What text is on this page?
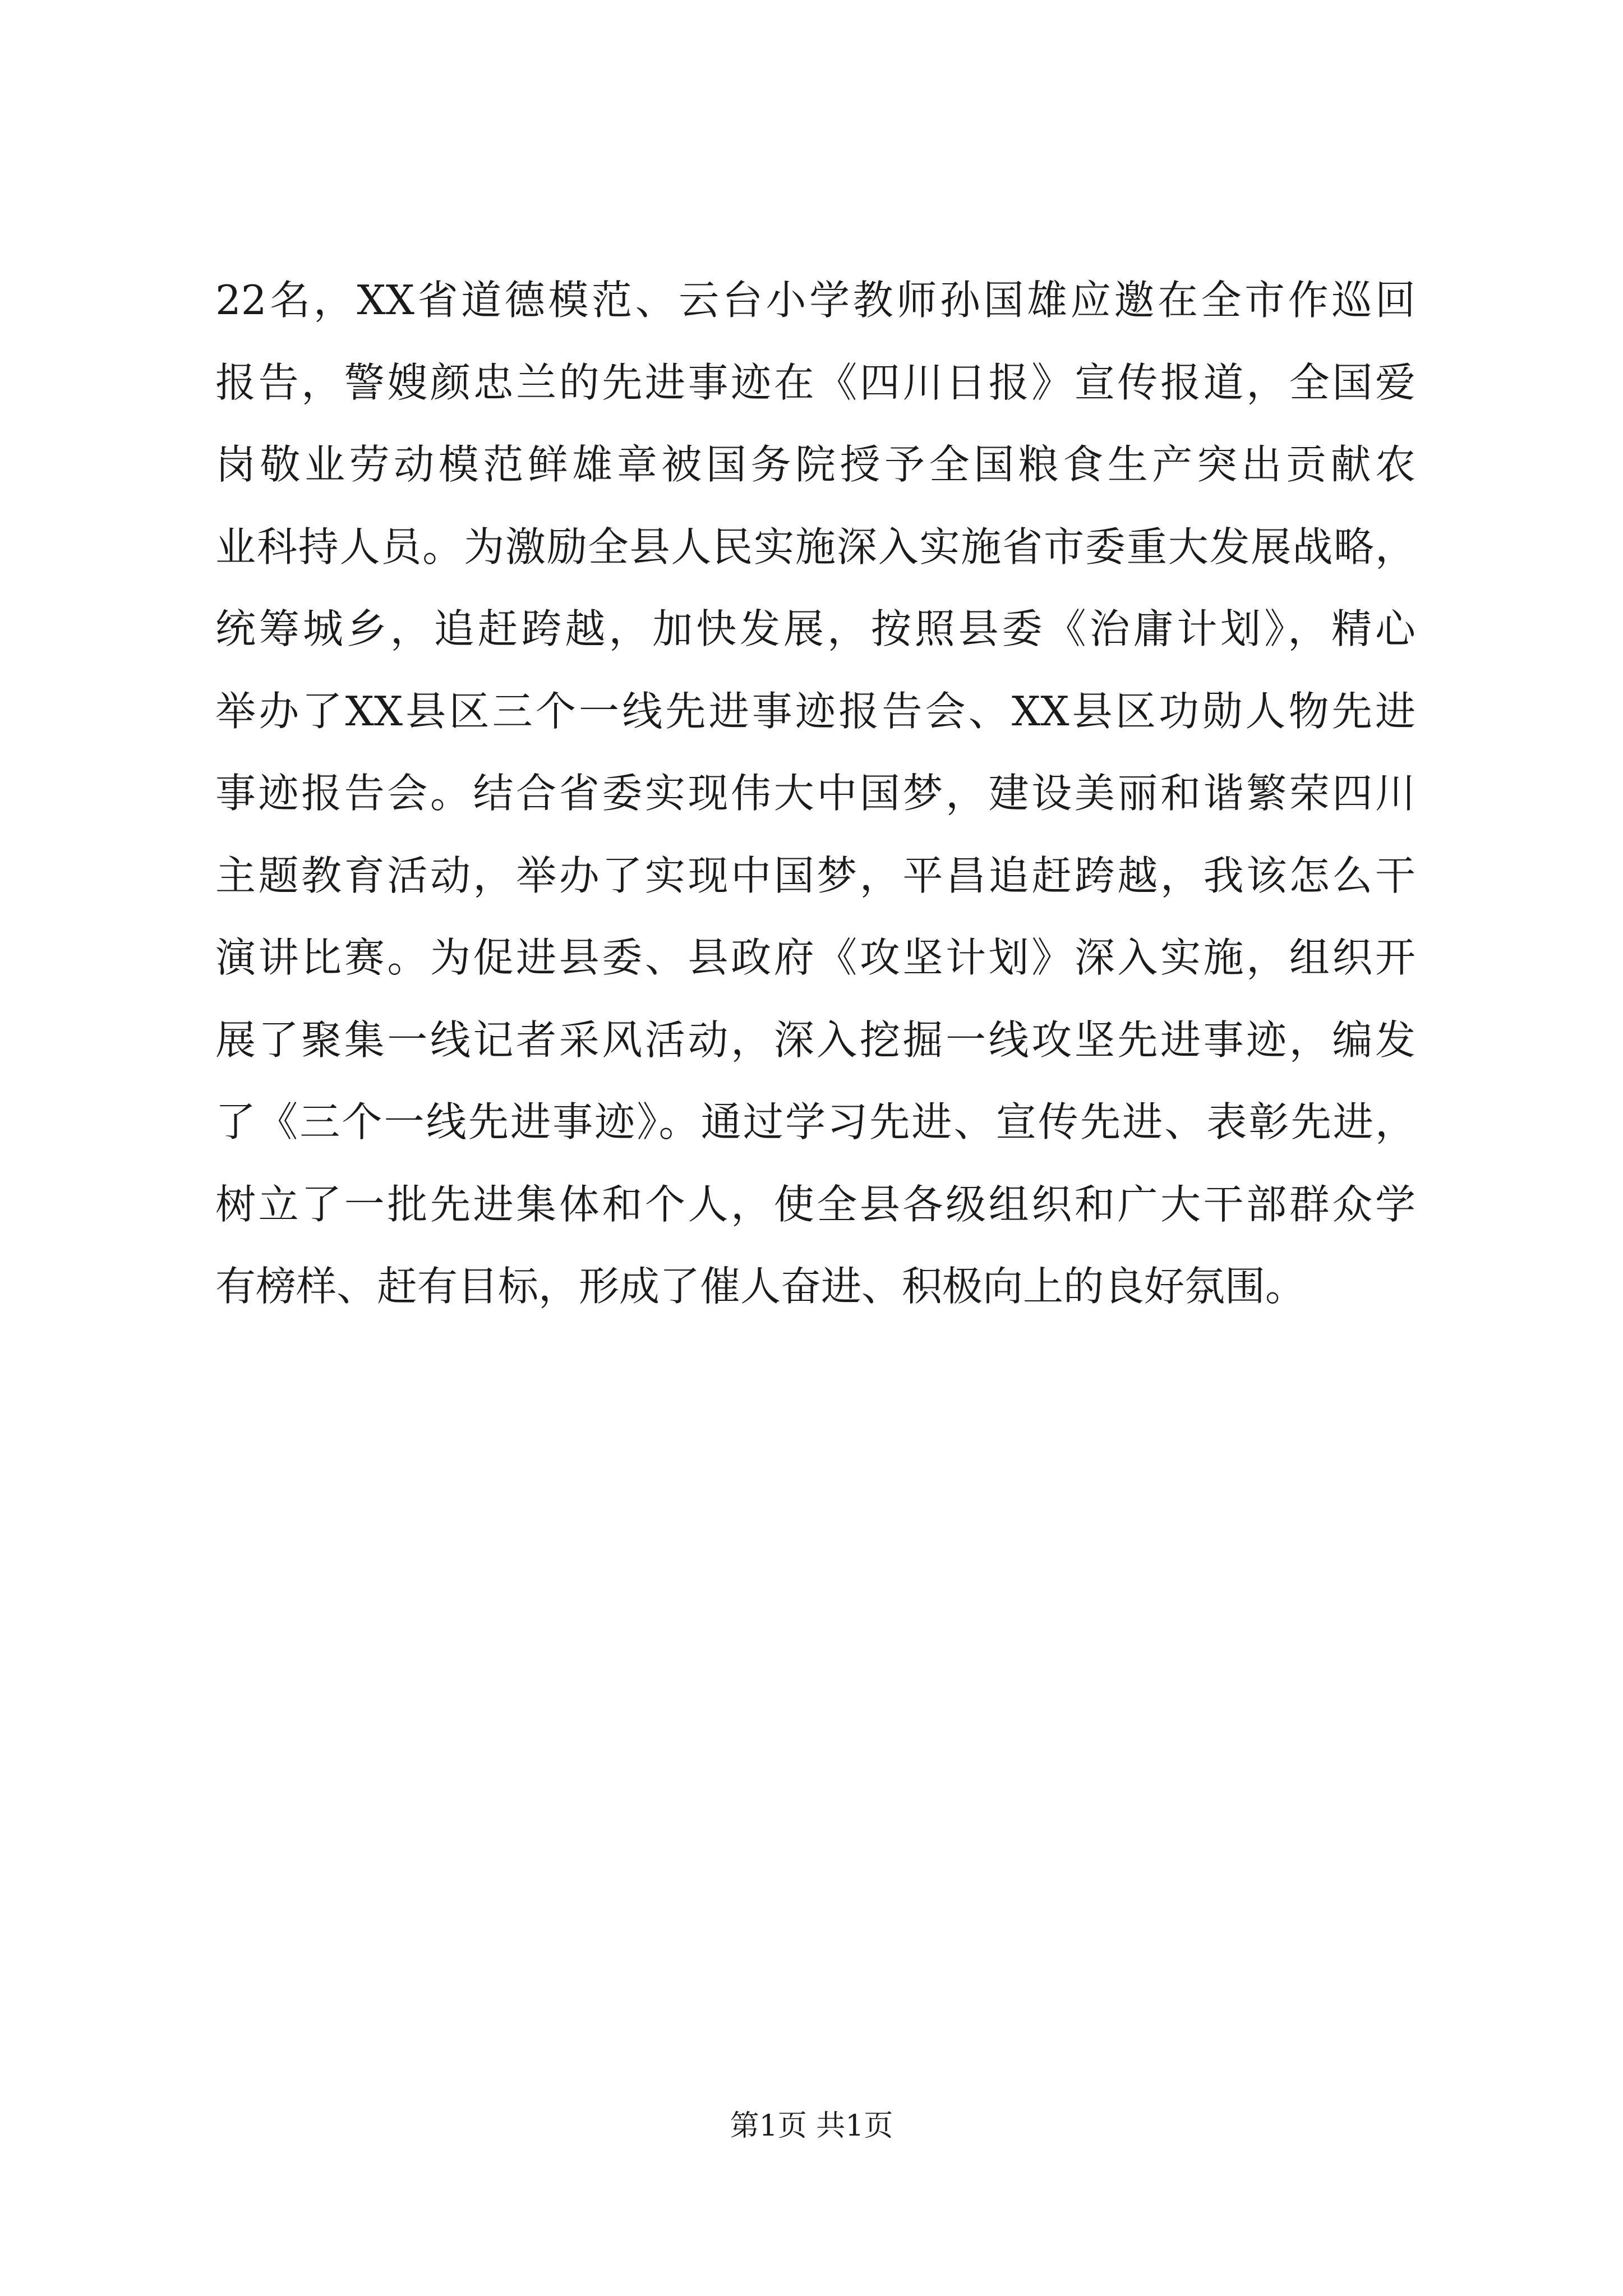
22名，XX省道德模范、云台小学教师孙国雄应邀在全市作巡回
报告，警嫂颜忠兰的先进事迹在《四川日报》宣传报道，全国爱
岗敬业劳动模范鲜雄章被国务院授予全国粮食生产突出贡献农
业科持人员。为激励全县人民实施深入实施省市委重大发展战略，
统筹城乡，追赶跨越，加快发展，按照县委《治庸计划》，精心
举办了XX县区三个一线先进事迹报告会、XX县区功勋人物先进
事迹报告会。结合省委实现伟大中国梦，建设美丽和谐繁荣四川
主题教育活动，举办了实现中国梦，平昌追赶跨越，我该怎么干
演讲比赛。为促进县委、县政府《攻坚计划》深入实施，组织开
展了聚集一线记者采风活动，深入挖掘一线攻坚先进事迹，编发
了《三个一线先进事迹》。通过学习先进、宣传先进、表彰先进，
树立了一批先进集体和个人，使全县各级组织和广大干部群众学
有榜样、赶有目标，形成了催人奋进、积极向上的良好氛围。
第1页 共1页
